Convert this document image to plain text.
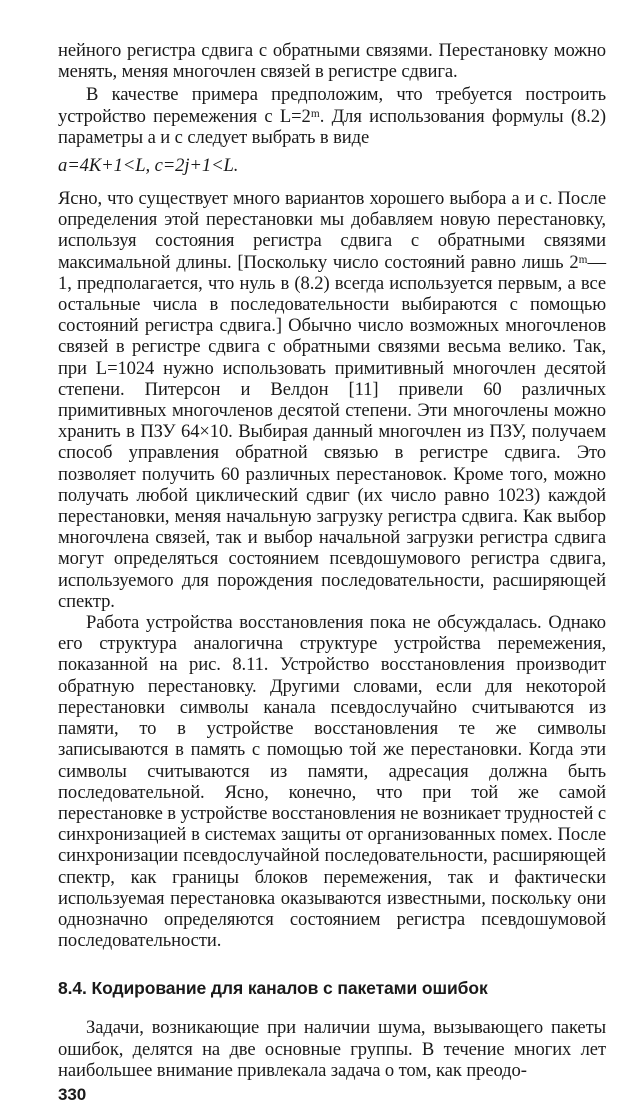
нейного регистра сдвига с обратными связями. Перестановку можно менять, меняя многочлен связей в регистре сдвига.

В качестве примера предположим, что требуется построить устройство перемежения с L=2ᵐ. Для использования формулы (8.2) параметры a и c следует выбрать в виде

a=4K+1<L, c=2j+1<L.

Ясно, что существует много вариантов хорошего выбора a и c. После определения этой перестановки мы добавляем новую перестановку, используя состояния регистра сдвига с обратными связями максимальной длины. [Поскольку число состояний равно лишь 2ᵐ—1, предполагается, что нуль в (8.2) всегда используется первым, а все остальные числа в последовательности выбираются с помощью состояний регистра сдвига.] Обычно число возможных многочленов связей в регистре сдвига с обратными связями весьма велико. Так, при L=1024 нужно использовать примитивный многочлен десятой степени. Питерсон и Велдон [11] привели 60 различных примитивных многочленов десятой степени. Эти многочлены можно хранить в ПЗУ 64×10. Выбирая данный многочлен из ПЗУ, получаем способ управления обратной связью в регистре сдвига. Это позволяет получить 60 различных перестановок. Кроме того, можно получать любой циклический сдвиг (их число равно 1023) каждой перестановки, меняя начальную загрузку регистра сдвига. Как выбор многочлена связей, так и выбор начальной загрузки регистра сдвига могут определяться состоянием псевдошумового регистра сдвига, используемого для порождения последовательности, расширяющей спектр.

Работа устройства восстановления пока не обсуждалась. Однако его структура аналогична структуре устройства перемежения, показанной на рис. 8.11. Устройство восстановления производит обратную перестановку. Другими словами, если для некоторой перестановки символы канала псевдослучайно считываются из памяти, то в устройстве восстановления те же символы записываются в память с помощью той же перестановки. Когда эти символы считываются из памяти, адресация должна быть последовательной. Ясно, конечно, что при той же самой перестановке в устройстве восстановления не возникает трудностей с синхронизацией в системах защиты от организованных помех. После синхронизации псевдослучайной последовательности, расширяющей спектр, как границы блоков перемежения, так и фактически используемая перестановка оказываются известными, поскольку они однозначно определяются состоянием регистра псевдошумовой последовательности.

8.4. Кодирование для каналов с пакетами ошибок

Задачи, возникающие при наличии шума, вызывающего пакеты ошибок, делятся на две основные группы. В течение многих лет наибольшее внимание привлекала задача о том, как преодо-

330
